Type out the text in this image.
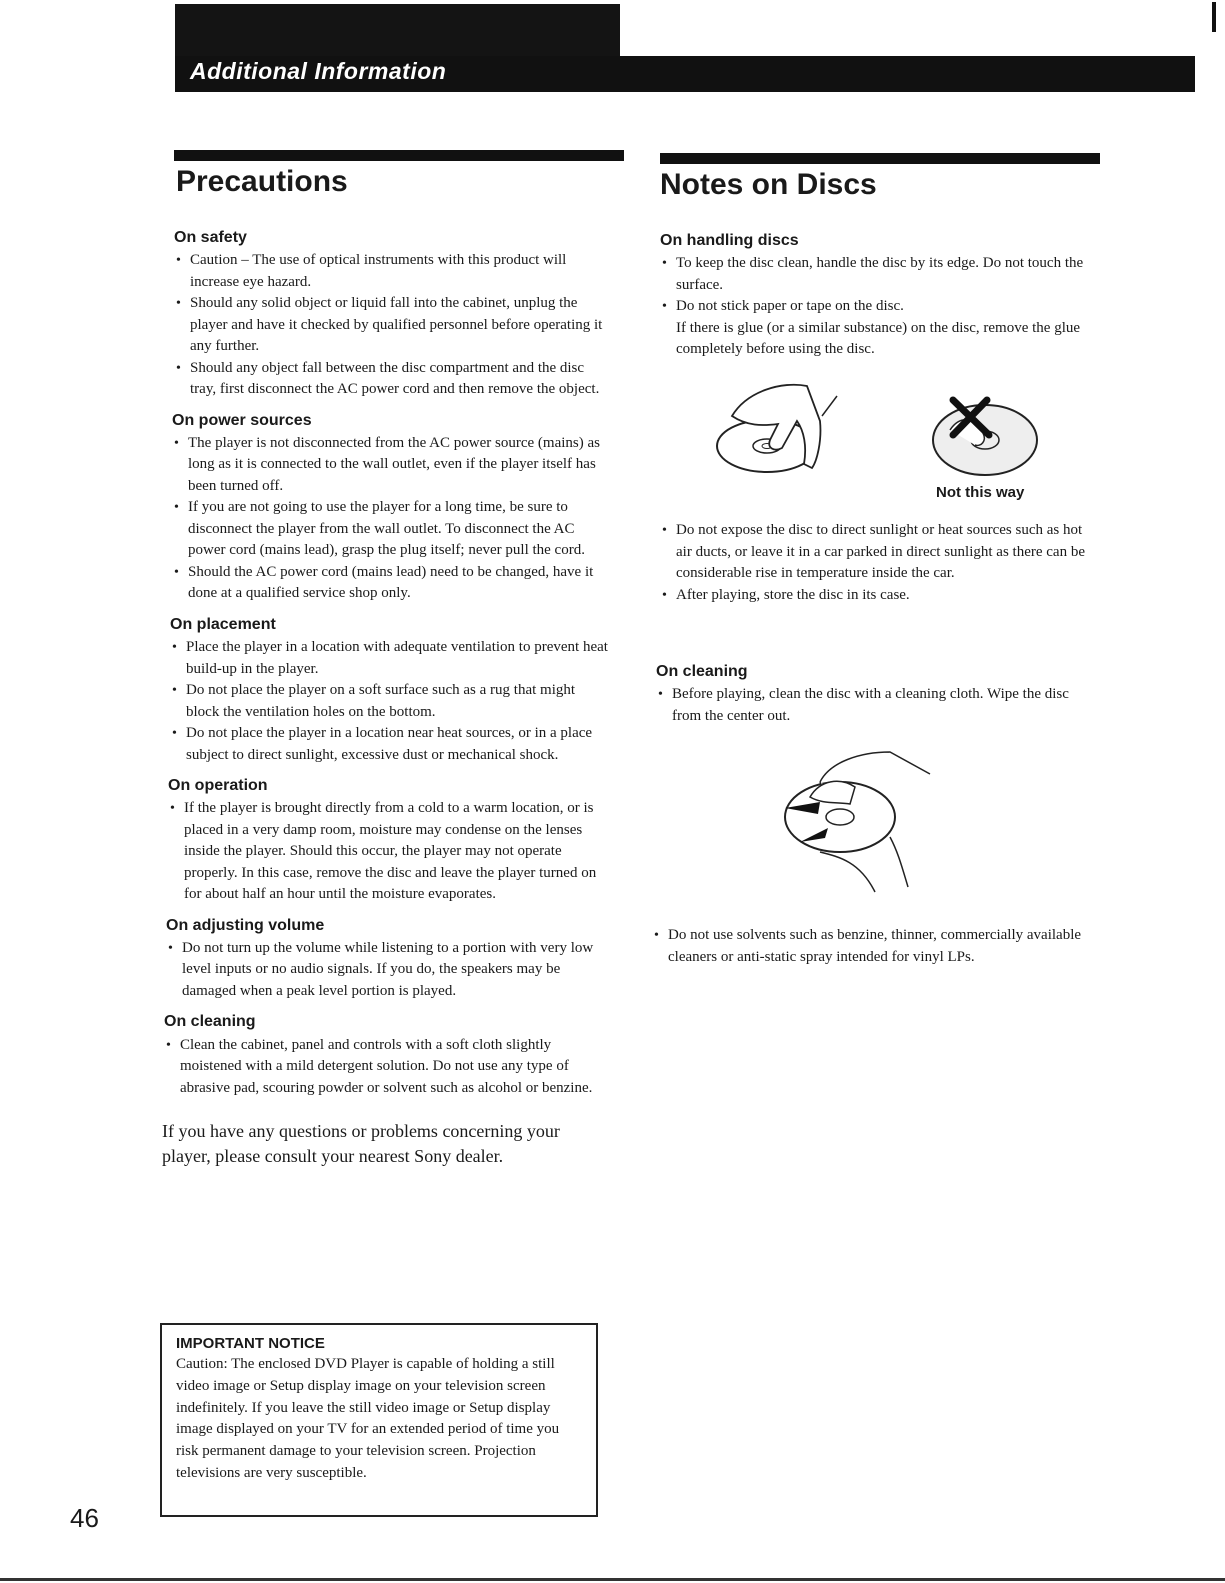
Additional Information
Precautions
On safety
• Caution – The use of optical instruments with this product will increase eye hazard.
• Should any solid object or liquid fall into the cabinet, unplug the player and have it checked by qualified personnel before operating it any further.
• Should any object fall between the disc compartment and the disc tray, first disconnect the AC power cord and then remove the object.
On power sources
• The player is not disconnected from the AC power source (mains) as long as it is connected to the wall outlet, even if the player itself has been turned off.
• If you are not going to use the player for a long time, be sure to disconnect the player from the wall outlet. To disconnect the AC power cord (mains lead), grasp the plug itself; never pull the cord.
• Should the AC power cord (mains lead) need to be changed, have it done at a qualified service shop only.
On placement
• Place the player in a location with adequate ventilation to prevent heat build-up in the player.
• Do not place the player on a soft surface such as a rug that might block the ventilation holes on the bottom.
• Do not place the player in a location near heat sources, or in a place subject to direct sunlight, excessive dust or mechanical shock.
On operation
• If the player is brought directly from a cold to a warm location, or is placed in a very damp room, moisture may condense on the lenses inside the player. Should this occur, the player may not operate properly. In this case, remove the disc and leave the player turned on for about half an hour until the moisture evaporates.
On adjusting volume
• Do not turn up the volume while listening to a portion with very low level inputs or no audio signals. If you do, the speakers may be damaged when a peak level portion is played.
On cleaning
• Clean the cabinet, panel and controls with a soft cloth slightly moistened with a mild detergent solution. Do not use any type of abrasive pad, scouring powder or solvent such as alcohol or benzine.

If you have any questions or problems concerning your player, please consult your nearest Sony dealer.

IMPORTANT NOTICE
Caution: The enclosed DVD Player is capable of holding a still video image or Setup display image on your television screen indefinitely. If you leave the still video image or Setup display image displayed on your TV for an extended period of time you risk permanent damage to your television screen. Projection televisions are very susceptible.
Notes on Discs
On handling discs
• To keep the disc clean, handle the disc by its edge. Do not touch the surface.
• Do not stick paper or tape on the disc.
If there is glue (or a similar substance) on the disc, remove the glue completely before using the disc.
Not this way
• Do not expose the disc to direct sunlight or heat sources such as hot air ducts, or leave it in a car parked in direct sunlight as there can be considerable rise in temperature inside the car.
• After playing, store the disc in its case.
On cleaning
• Before playing, clean the disc with a cleaning cloth. Wipe the disc from the center out.
• Do not use solvents such as benzine, thinner, commercially available cleaners or anti-static spray intended for vinyl LPs.
46
